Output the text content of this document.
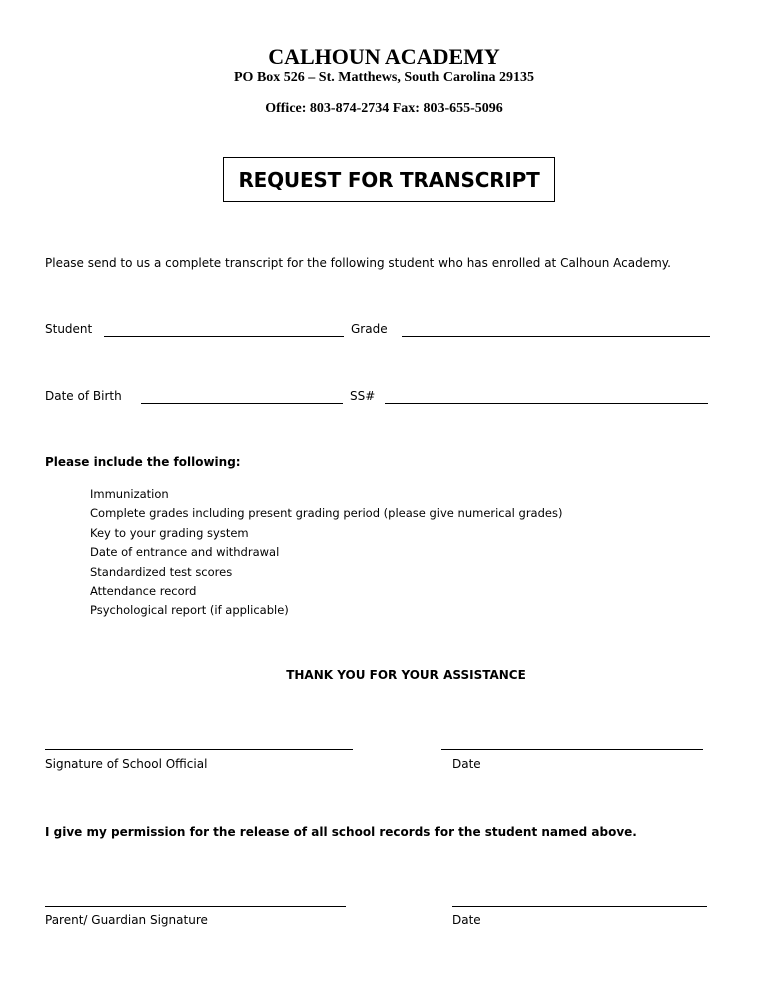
CALHOUN ACADEMY
PO Box 526 – St. Matthews, South Carolina 29135
Office: 803-874-2734 Fax: 803-655-5096
REQUEST FOR TRANSCRIPT
Please send to us a complete transcript for the following student who has enrolled at Calhoun Academy.
Student	Grade
Date of Birth	SS#
Please include the following:
Immunization
Complete grades including present grading period (please give numerical grades)
Key to your grading system
Date of entrance and withdrawal
Standardized test scores
Attendance record
Psychological report (if applicable)
THANK YOU FOR YOUR ASSISTANCE
Signature of School Official	Date
I give my permission for the release of all school records for the student named above.
Parent/ Guardian Signature	Date
